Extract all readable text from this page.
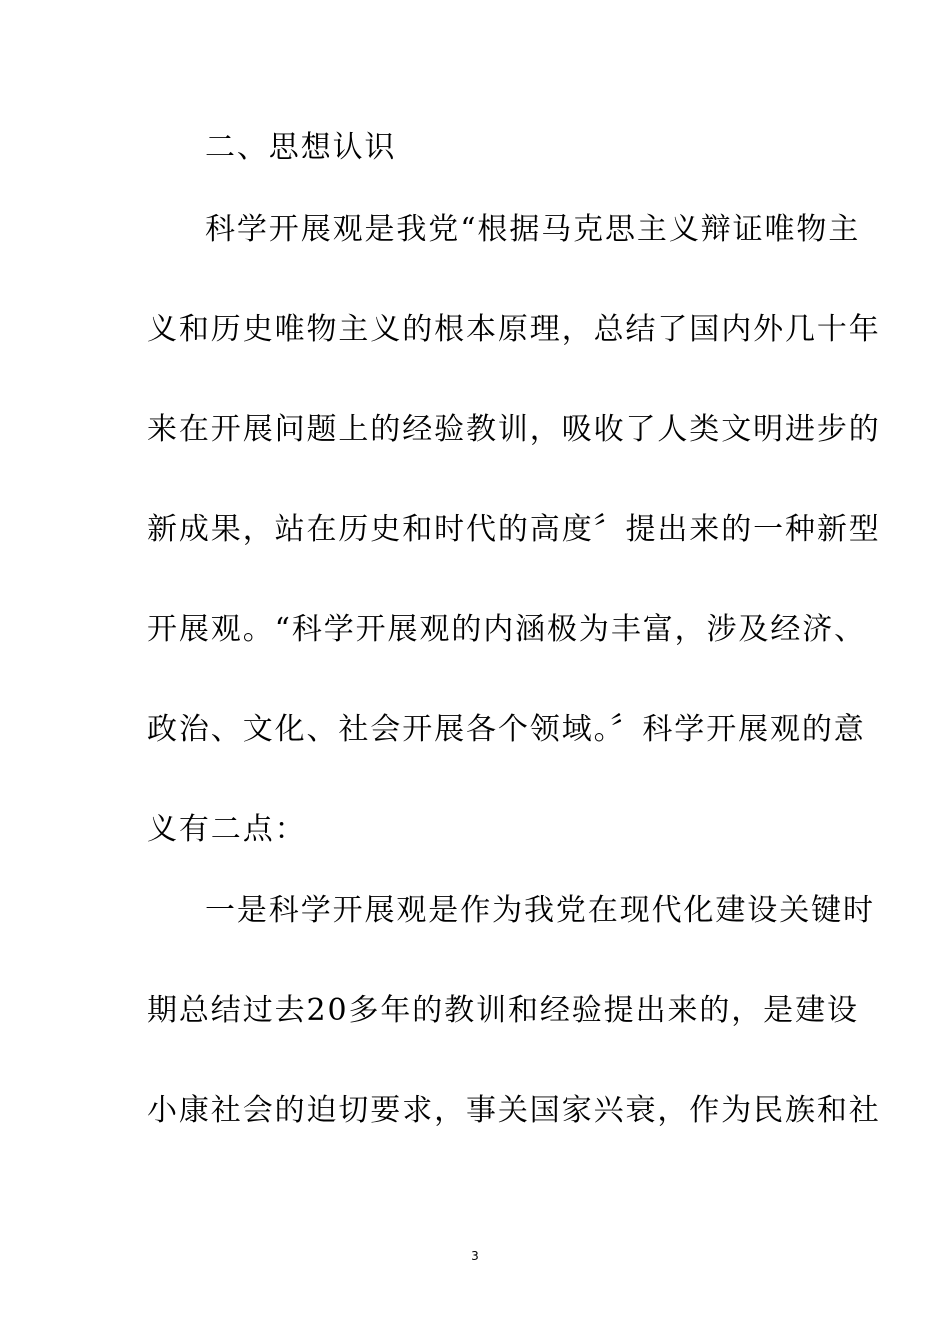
二、思想认识
科学开展观是我党“根据马克思主义辩证唯物主
义和历史唯物主义的根本原理，总结了国内外几十年
来在开展问题上的经验教训，吸收了人类文明进步的
新成果，站在历史和时代的高度〞提出来的一种新型
开展观。“科学开展观的内涵极为丰富，涉及经济、
政治、文化、社会开展各个领域。〞科学开展观的意
义有二点：
一是科学开展观是作为我党在现代化建设关键时
期总结过去20多年的教训和经验提出来的，是建设
小康社会的迫切要求，事关国家兴衰，作为民族和社
3
